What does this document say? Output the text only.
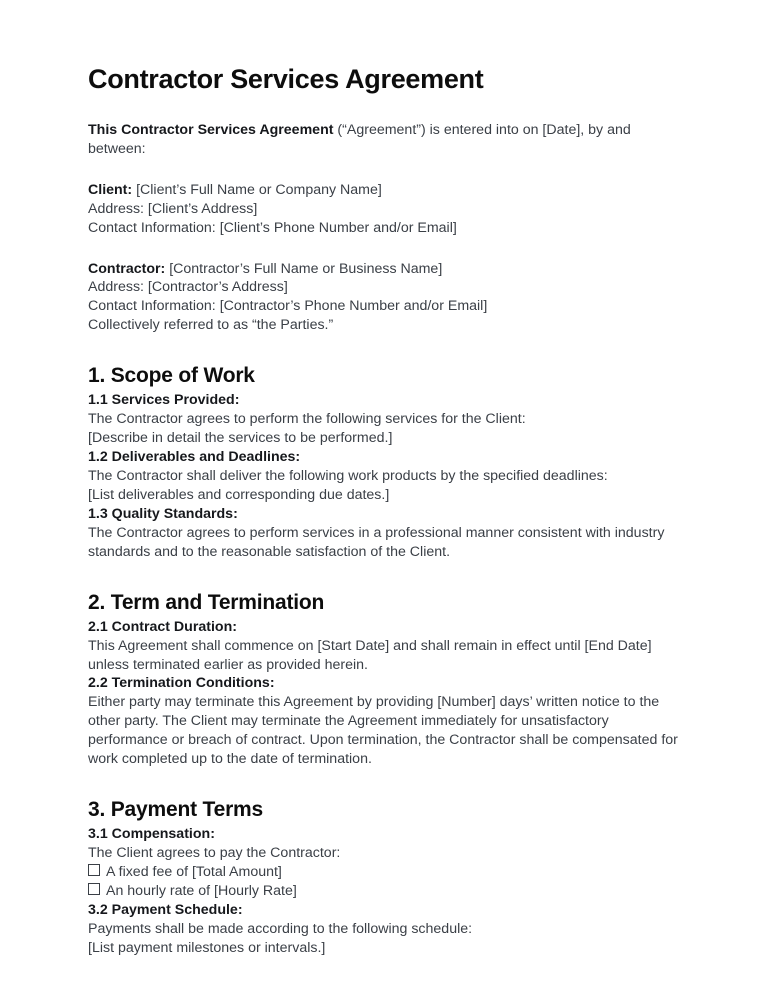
Contractor Services Agreement

This Contractor Services Agreement (“Agreement”) is entered into on [Date], by and between:

Client: [Client’s Full Name or Company Name]
Address: [Client’s Address]
Contact Information: [Client’s Phone Number and/or Email]
Contractor: [Contractor’s Full Name or Business Name]
Address: [Contractor’s Address]
Contact Information: [Contractor’s Phone Number and/or Email]
Collectively referred to as “the Parties.”
1. Scope of Work
1.1 Services Provided:

The Contractor agrees to perform the following services for the Client:

[Describe in detail the services to be performed.]

1.2 Deliverables and Deadlines:

The Contractor shall deliver the following work products by the specified deadlines:

[List deliverables and corresponding due dates.]

1.3 Quality Standards:

The Contractor agrees to perform services in a professional manner consistent with industry standards and to the reasonable satisfaction of the Client.

2. Term and Termination
2.1 Contract Duration:

This Agreement shall commence on [Start Date] and shall remain in effect until [End Date] unless terminated earlier as provided herein.

2.2 Termination Conditions:

Either party may terminate this Agreement by providing [Number] days’ written notice to the other party. The Client may terminate the Agreement immediately for unsatisfactory performance or breach of contract. Upon termination, the Contractor shall be compensated for work completed up to the date of termination.

3. Payment Terms
3.1 Compensation:

The Client agrees to pay the Contractor:

A fixed fee of [Total Amount]
An hourly rate of [Hourly Rate]
3.2 Payment Schedule:

Payments shall be made according to the following schedule:

[List payment milestones or intervals.]
